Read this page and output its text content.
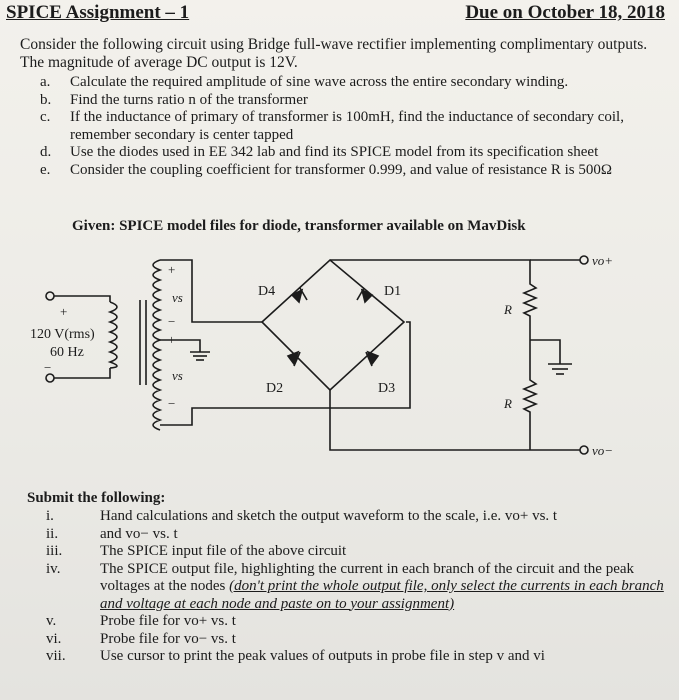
SPICE Assignment – 1	Due on October 18, 2018
Consider the following circuit using Bridge full-wave rectifier implementing complimentary outputs. The magnitude of average DC output is 12V.
a.	Calculate the required amplitude of sine wave across the entire secondary winding.
b.	Find the turns ratio n of the transformer
c.	If the inductance of primary of transformer is 100mH, find the inductance of secondary coil, remember secondary is center tapped
d.	Use the diodes used in EE 342 lab and find its SPICE model from its specification sheet
e.	Consider the coupling coefficient for transformer 0.999, and value of resistance R is 500Ω
Given: SPICE model files for diode, transformer available on MavDisk
+
120 V(rms)
60 Hz
−
+
vs
−
+
vs
−
D4	D1
D2	D3
R
vo+
R
vo−
Submit the following:
i.	Hand calculations and sketch the output waveform to the scale, i.e. vo+ vs. t
ii.	and vo− vs. t
iii.	The SPICE input file of the above circuit
iv.	The SPICE output file, highlighting the current in each branch of the circuit and the peak voltages at the nodes (don't print the whole output file, only select the currents in each branch and voltage at each node and paste on to your assignment)
v.	Probe file for vo+ vs. t
vi.	Probe file for vo− vs. t
vii.	Use cursor to print the peak values of outputs in probe file in step v and vi
